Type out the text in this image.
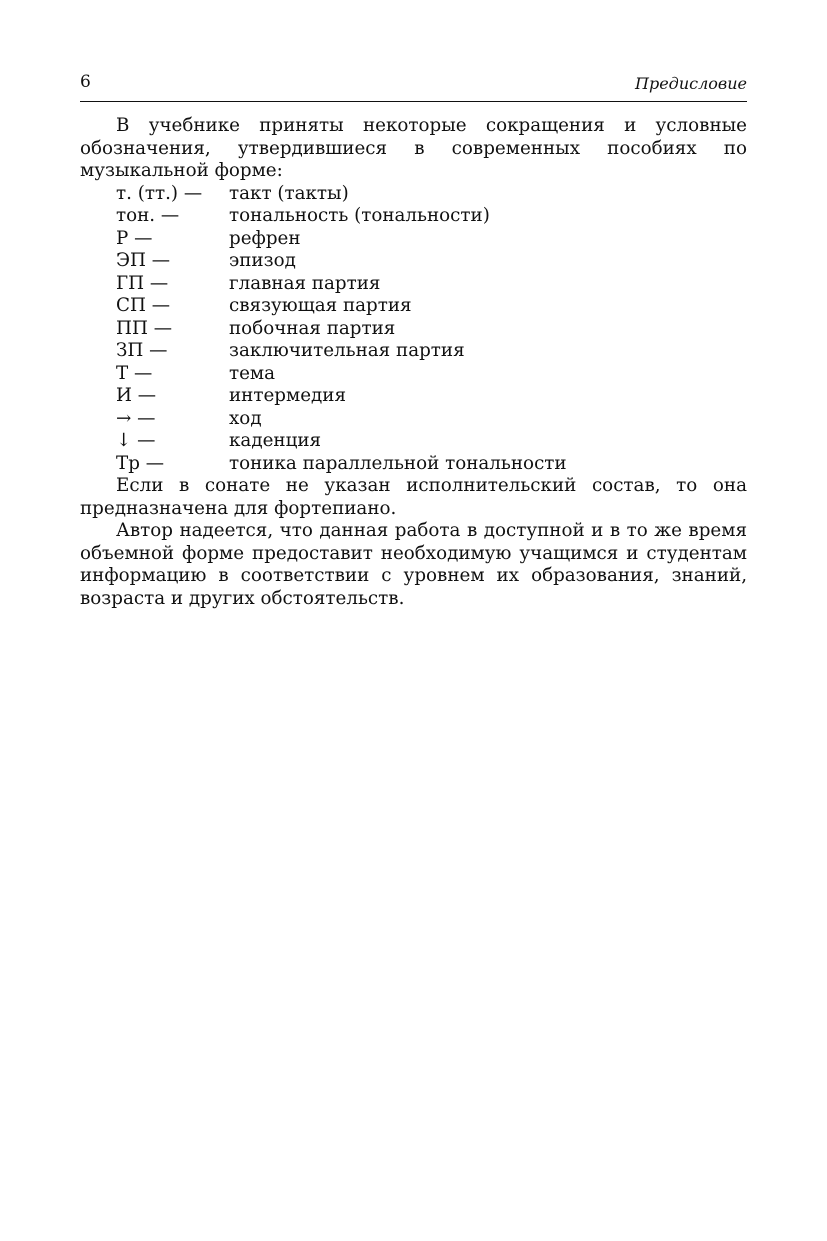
6	Предисловие

В учебнике приняты некоторые сокращения и условные обозначения, утвердившиеся в современных пособиях по музыкальной форме:

т. (тт.) —	такт (такты)
тон. —	тональность (тональности)
Р —	рефрен
ЭП —	эпизод
ГП —	главная партия
СП —	связующая партия
ПП —	побочная партия
ЗП —	заключительная партия
Т —	тема
И —	интермедия
→ —	ход
↓ —	каденция
Тр —	тоника параллельной тональности

Если в сонате не указан исполнительский состав, то она предназначена для фортепиано.

Автор надеется, что данная работа в доступной и в то же время объемной форме предоставит необходимую учащимся и студентам информацию в соответствии с уровнем их образования, знаний, возраста и других обстоятельств.
